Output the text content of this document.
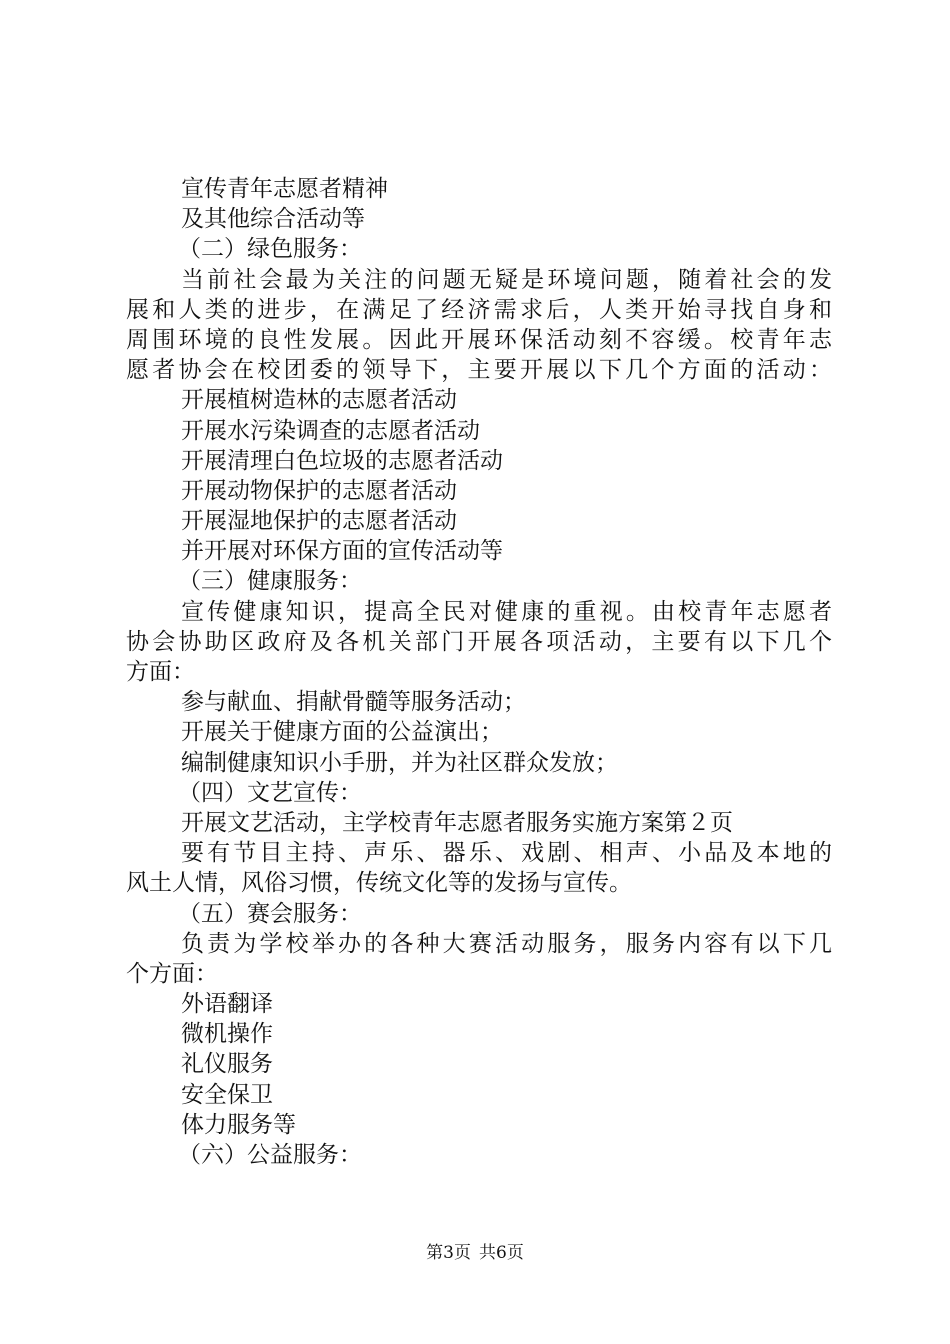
宣传青年志愿者精神
及其他综合活动等
（二）绿色服务：
当前社会最为关注的问题无疑是环境问题，随着社会的发
展和人类的进步，在满足了经济需求后，人类开始寻找自身和
周围环境的良性发展。因此开展环保活动刻不容缓。校青年志
愿者协会在校团委的领导下，主要开展以下几个方面的活动：
开展植树造林的志愿者活动
开展水污染调查的志愿者活动
开展清理白色垃圾的志愿者活动
开展动物保护的志愿者活动
开展湿地保护的志愿者活动
并开展对环保方面的宣传活动等
（三）健康服务：
宣传健康知识，提高全民对健康的重视。由校青年志愿者
协会协助区政府及各机关部门开展各项活动，主要有以下几个
方面：
参与献血、捐献骨髓等服务活动；
开展关于健康方面的公益演出；
编制健康知识小手册，并为社区群众发放；
（四）文艺宣传：
开展文艺活动，主学校青年志愿者服务实施方案第２页
要有节目主持、声乐、器乐、戏剧、相声、小品及本地的
风土人情，风俗习惯，传统文化等的发扬与宣传。
（五）赛会服务：
负责为学校举办的各种大赛活动服务，服务内容有以下几
个方面：
外语翻译
微机操作
礼仪服务
安全保卫
体力服务等
（六）公益服务：
第3页 共6页
